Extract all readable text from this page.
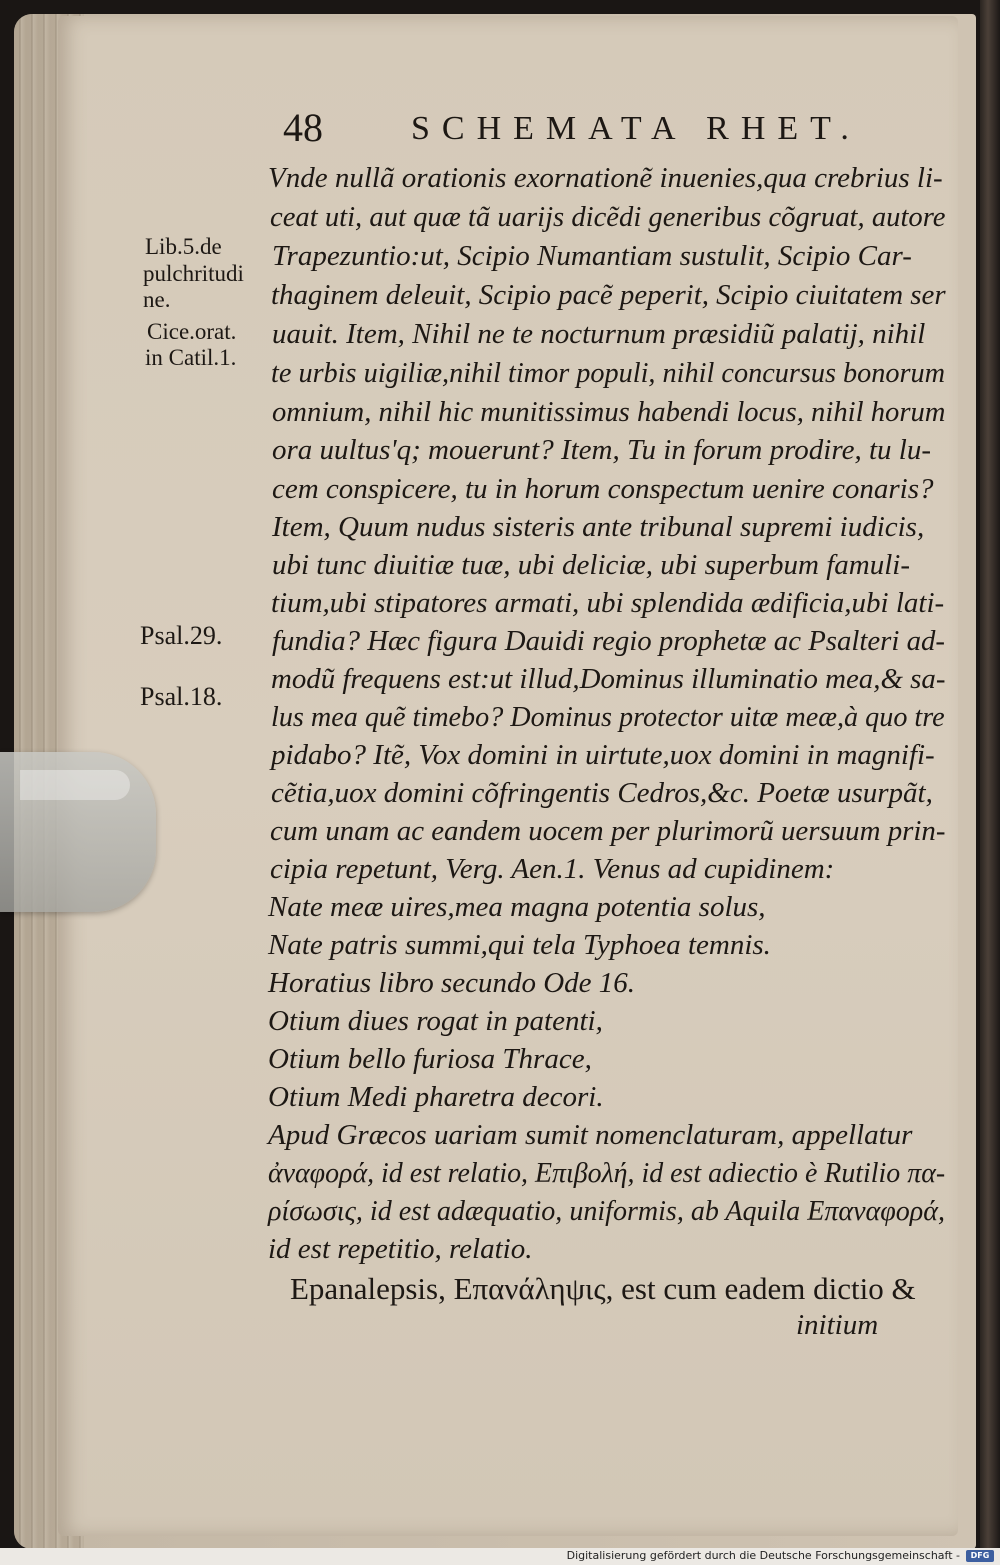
48	SCHEMATA RHET.
Lib.5.de
pulchritudi
ne.
Cice.orat.
in Catil.1.
Psal.29.
Psal.18.
Vnde nullã orationis exornationẽ inuenies,qua crebrius li-
ceat uti, aut quæ tã uarijs dicẽdi generibus cõgruat, autore
Trapezuntio:ut, Scipio Numantiam sustulit, Scipio Car-
thaginem deleuit, Scipio pacẽ peperit, Scipio ciuitatem ser
uauit. Item, Nihil ne te nocturnum præsidiũ palatij, nihil
te urbis uigiliæ,nihil timor populi, nihil concursus bonorum
omnium, nihil hic munitissimus habendi locus, nihil horum
ora uultus'q; mouerunt? Item, Tu in forum prodire, tu lu-
cem conspicere, tu in horum conspectum uenire conaris?
Item, Quum nudus sisteris ante tribunal supremi iudicis,
ubi tunc diuitiæ tuæ, ubi deliciæ, ubi superbum famuli-
tium,ubi stipatores armati, ubi splendida ædificia,ubi lati-
fundia? Hæc figura Dauidi regio prophetæ ac Psalteri ad-
modũ frequens est:ut illud,Dominus illuminatio mea,& sa-
lus mea quẽ timebo? Dominus protector uitæ meæ,à quo tre
pidabo? Itẽ, Vox domini in uirtute,uox domini in magnifi-
cẽtia,uox domini cõfringentis Cedros,&c. Poetæ usurpãt,
cum unam ac eandem uocem per plurimorũ uersuum prin-
cipia repetunt, Verg. Aen.1. Venus ad cupidinem:
Nate meæ uires,mea magna potentia solus,
Nate patris summi,qui tela Typhoea temnis.
Horatius libro secundo Ode 16.
Otium diues rogat in patenti,
Otium bello furiosa Thrace,
Otium Medi pharetra decori.
Apud Græcos uariam sumit nomenclaturam, appellatur
ἀναφορά, id est relatio, Επιβολή, id est adiectio è Rutilio πα-
ρίσωσις, id est adæquatio, uniformis, ab Aquila Επαναφορά,
id est repetitio, relatio.
Epanalepsis, Επανάληψις, est cum eadem dictio &
initium
Digitalisierung gefördert durch die Deutsche Forschungsgemeinschaft -	DFG
